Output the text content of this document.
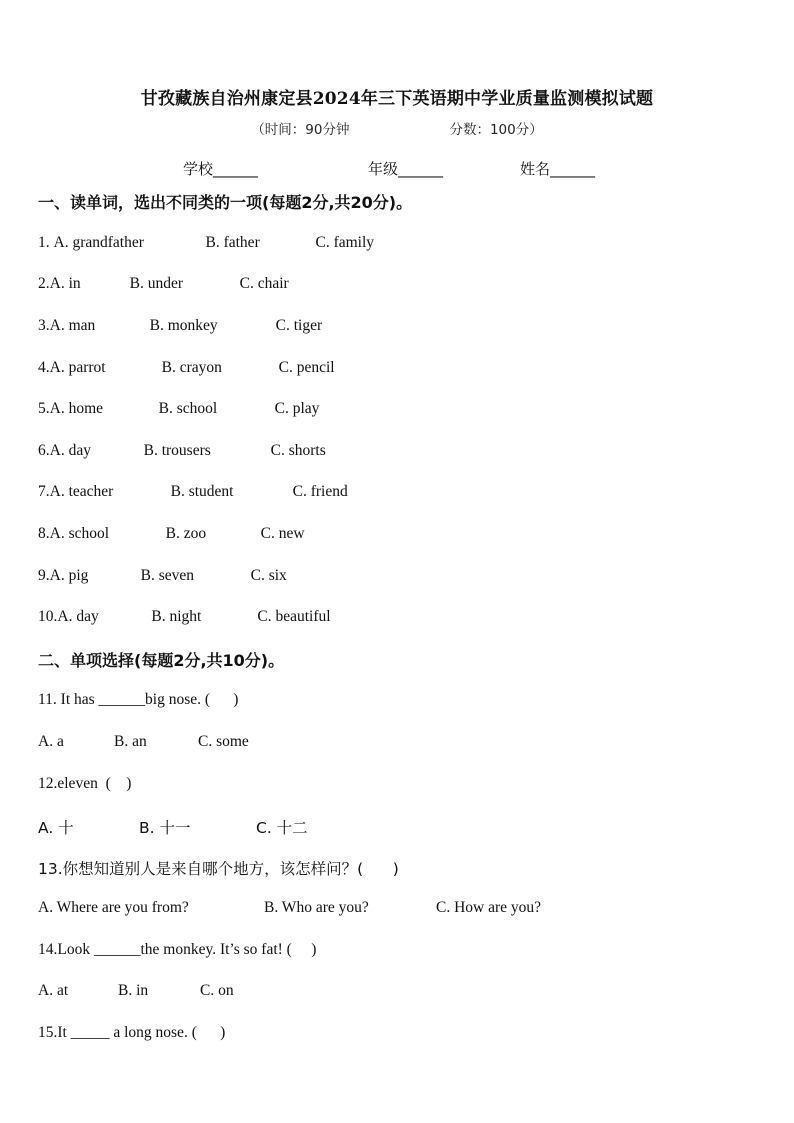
甘孜藏族自治州康定县2024年三下英语期中学业质量监测模拟试题
（时间：90分钟	分数：100分）
学校______	年级______	姓名______
一、读单词，选出不同类的一项(每题2分,共20分)。
1. A. grandfather	B. father	C. family
2.A. in	B. under	C. chair
3.A. man	B. monkey	C. tiger
4.A. parrot	B. crayon	C. pencil
5.A. home	B. school	C. play
6.A. day	B. trousers	C. shorts
7.A. teacher	B. student	C. friend
8.A. school	B. zoo	C. new
9.A. pig	B. seven	C. six
10.A. day	B. night	C. beautiful
二、单项选择(每题2分,共10分)。
11. It has ______big nose. (      )
A. a	B. an	C. some
12.eleven  (    )
A. 十	B. 十一	C. 十二
13.你想知道别人是来自哪个地方，该怎样问？(      )
A. Where are you from?	B. Who are you?	C. How are you?
14.Look ______the monkey. It’s so fat! (     )
A. at	B. in	C. on
15.It _____ a long nose. (      )
